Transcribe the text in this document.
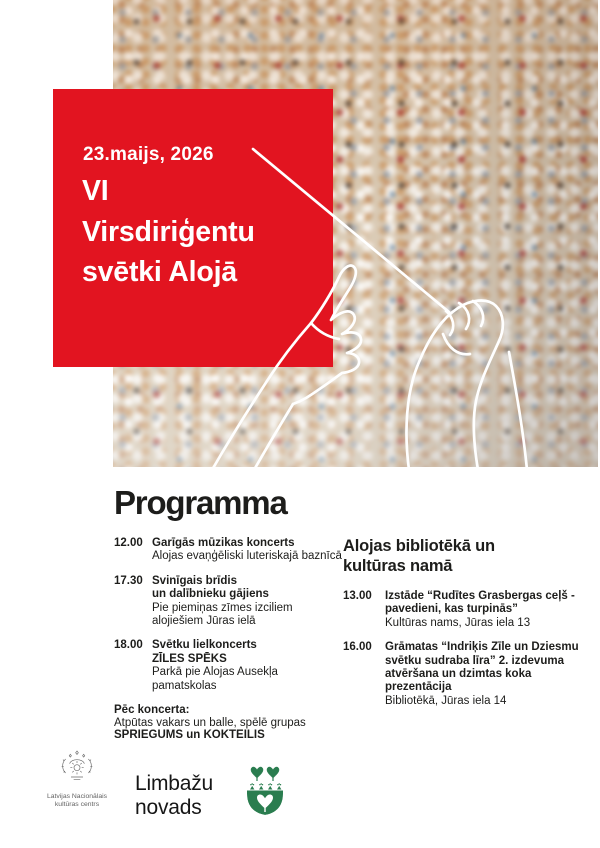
23.maijs, 2026
VI
Virsdiriģentu
svētki Alojā
Programma
12.00 Garīgās mūzikas koncerts
Alojas evaņģēliski luteriskajā baznīcā
17.30 Svinīgais brīdis
un dalībnieku gājiens
Pie piemiņas zīmes izciliem
alojiešiem Jūras ielā
18.00 Svētku lielkoncerts
ZĪLES SPĒKS
Parkā pie Alojas Ausekļa
pamatskolas
Pēc koncerta:
Atpūtas vakars un balle, spēlē grupas
SPRIEGUMS un KOKTEILIS
Alojas bibliotēkā un
kultūras namā
13.00	Izstāde “Rudītes Grasbergas ceļš -
pavedieni, kas turpinās”
Kultūras nams, Jūras iela 13
16.00	Grāmatas “Indriķis Zīle un Dziesmu
svētku sudraba līra” 2. izdevuma
atvēršana un dzimtas koka
prezentācija
Bibliotēkā, Jūras iela 14
Latvijas Nacionālais
kultūras centrs
Limbažu
novads
